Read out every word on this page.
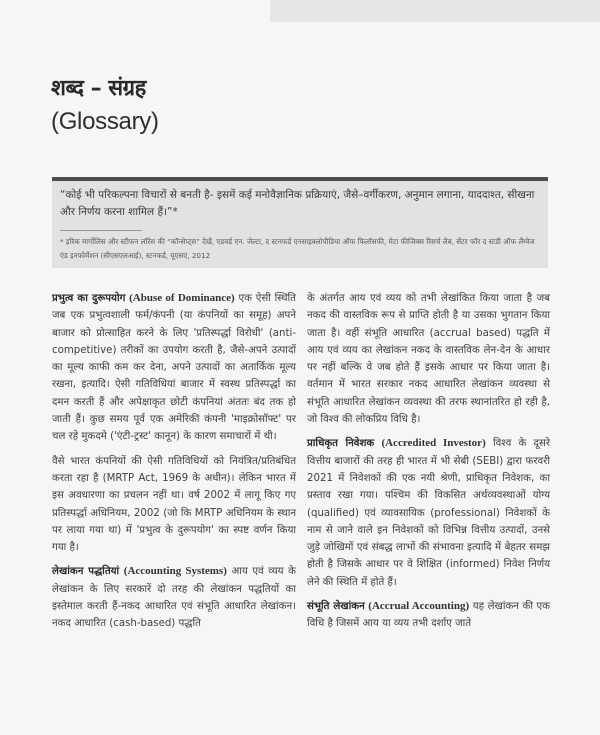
शब्द – संग्रह
(Glossary)
“कोई भी परिकल्पना विचारों से बनती है- इसमें कई मनोवैज्ञानिक प्रक्रियाएं, जैसे–वर्गीकरण, अनुमान लगाना, याददाश्त, सीखना और निर्णय करना शामिल हैं।”*
* इरिक मार्गोलिस और स्टीफन लॉरेंस की “कॉन्सेप्ट्स” देखें, एडवर्ड एन. जेल्टा, द स्टनफर्ड एनसाइक्लोपीडिया ऑफ फिलॉसफी, मेटा फीजिक्स रिसर्च लैब, सेंटर फॉर द स्टडी ऑफ लैंग्वेज एंड इनफोर्मेशन (सीएसएलआई), स्टनफर्ड, यूएसए, 2012

प्रभुत्व का दुरूपयोग (Abuse of Dominance) एक ऐसी स्थिति जब एक प्रभुत्वशाली फर्म/कंपनी (या कंपनियों का समूह) अपने बाजार को प्रोत्साहित करने के लिए 'प्रतिस्पर्द्धा विरोधी' (anti-competitive) तरीकों का उपयोग करती है, जैसे-अपने उत्पादों का मूल्य काफी कम कर देना, अपने उत्पादों का अतार्किक मूल्य रखना, इत्यादि। ऐसी गतिविधियां बाजार में स्वस्थ प्रतिस्पर्द्धा का दमन करती हैं और अपेक्षाकृत छोटी कंपनियां अंततः बंद तक हो जाती हैं। कुछ समय पूर्व एक अमेरिकी कंपनी 'माइक्रोसॉफ्ट' पर चल रहे मुकदमे ('एंटी-ट्रस्ट' कानून) के कारण समाचारों में थी।

वैसे भारत कंपनियों की ऐसी गतिविधियों को नियंत्रित/प्रतिबंधित करता रहा है (MRTP Act, 1969 के अधीन)। लेकिन भारत में इस अवधारणा का प्रचलन नहीं था। वर्ष 2002 में लागू किए गए प्रतिस्पर्द्धा अधिनियम, 2002 (जो कि MRTP अधिनियम के स्थान पर लाया गया था) में 'प्रभुत्व के दुरूपयोग' का स्पष्ट वर्णन किया गया है।

लेखांकन पद्धतियां (Accounting Systems) आय एवं व्यय के लेखांकन के लिए सरकारें दो तरह की लेखांकन पद्धतियों का इस्तेमाल करती हैं-नकद आधारित एवं संभूति आधारित लेखांकन। नकद आधारित (cash-based) पद्धति

के अंतर्गत आय एवं व्यय को तभी लेखांकित किया जाता है जब नकद की वास्तविक रूप से प्राप्ति होती है या उसका भुगतान किया जाता है। वहीं संभूति आधारित (accrual based) पद्धति में आय एवं व्यय का लेखांकन नकद के वास्तविक लेन-देन के आधार पर नहीं बल्कि वे जब होते हैं इसके आधार पर किया जाता है। वर्तमान में भारत सरकार नकद आधारित लेखांकन व्यवस्था से संभूति आधारित लेखांकन व्यवस्था की तरफ स्थानांतरित हो रही है, जो विश्व की लोकप्रिय विधि है।

प्राधिकृत निवेशक (Accredited Investor) विश्व के दूसरे वित्तीय बाजारों की तरह ही भारत में भी सेबी (SEBI) द्वारा फरवरी 2021 में निवेशकों की एक नयी श्रेणी, प्राधिकृत निवेशक, का प्रस्ताव रखा गया। पश्चिम की विकसित अर्थव्यवस्थाओं योग्य (qualified) एवं व्यावसायिक (professional) निवेशकों के नाम से जाने वाले इन निवेशकों को विभिन्न वित्तीय उत्पादों, उनसे जुड़े जोखिमों एवं संबद्ध लाभों की संभावना इत्यादि में बेहतर समझ होती है जिसके आधार पर वे शिक्षित (informed) निवेश निर्णय लेने की स्थिति में होते हैं।

संभूति लेखांकन (Accrual Accounting) यह लेखांकन की एक विधि है जिसमें आय या व्यय तभी दर्शाए जाते
